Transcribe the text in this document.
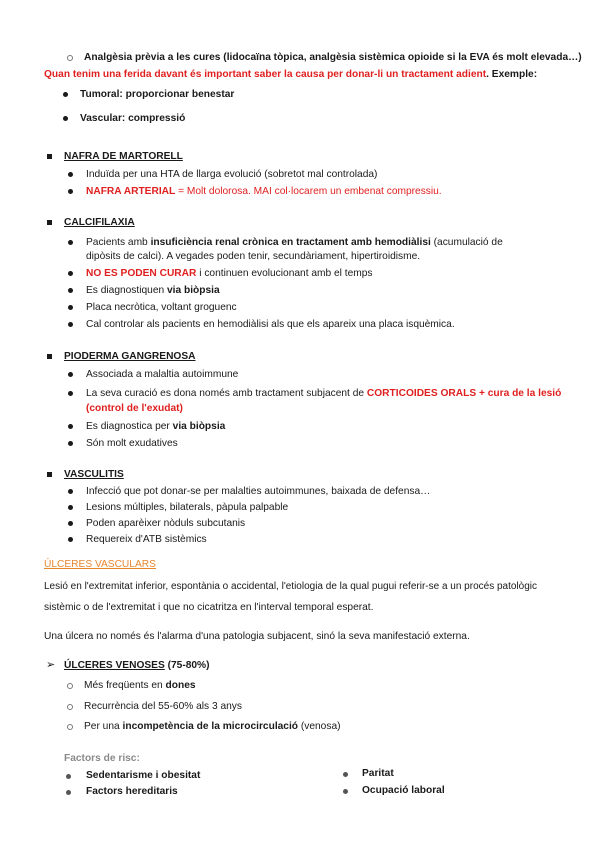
Analgèsia prèvia a les cures (lidocaïna tòpica, analgèsia sistèmica opioide si la EVA és molt elevada…)
Quan tenim una ferida davant és important saber la causa per donar-li un tractament adient. Exemple:
Tumoral: proporcionar benestar
Vascular: compressió
NAFRA DE MARTORELL
Induïda per una HTA de llarga evolució (sobretot mal controlada)
NAFRA ARTERIAL = Molt dolorosa. MAI col·locarem un embenat compressiu.
CALCIFILAXIA
Pacients amb insuficiència renal crònica en tractament amb hemodiàlisi (acumulació de
dipòsits de calci). A vegades poden tenir, secundàriament, hipertiroidisme.
NO ES PODEN CURAR i continuen evolucionant amb el temps
Es diagnostiquen via biòpsia
Placa necròtica, voltant groguenc
Cal controlar als pacients en hemodiàlisi als que els apareix una placa isquèmica.
PIODERMA GANGRENOSA
Associada a malaltia autoimmune
La seva curació es dona només amb tractament subjacent de CORTICOIDES ORALS + cura de la lesió
(control de l'exudat)
Es diagnostica per via biòpsia
Són molt exudatives
VASCULITIS
Infecció que pot donar-se per malalties autoimmunes, baixada de defensa…
Lesions múltiples, bilaterals, pàpula palpable
Poden aparèixer nòduls subcutanis
Requereix d'ATB sistèmics
ÚLCERES VASCULARS
Lesió en l'extremitat inferior, espontània o accidental, l'etiologia de la qual pugui referir-se a un procés patològic
sistèmic o de l'extremitat i que no cicatritza en l'interval temporal esperat.
Una úlcera no només és l'alarma d'una patologia subjacent, sinó la seva manifestació externa.
➢ ÚLCERES VENOSES (75-80%)
Més freqüents en dones
Recurrència del 55-60% als 3 anys
Per una incompetència de la microcirculació (venosa)
Factors de risc:
Sedentarisme i obesitat
Factors hereditaris
Paritat
Ocupació laboral
